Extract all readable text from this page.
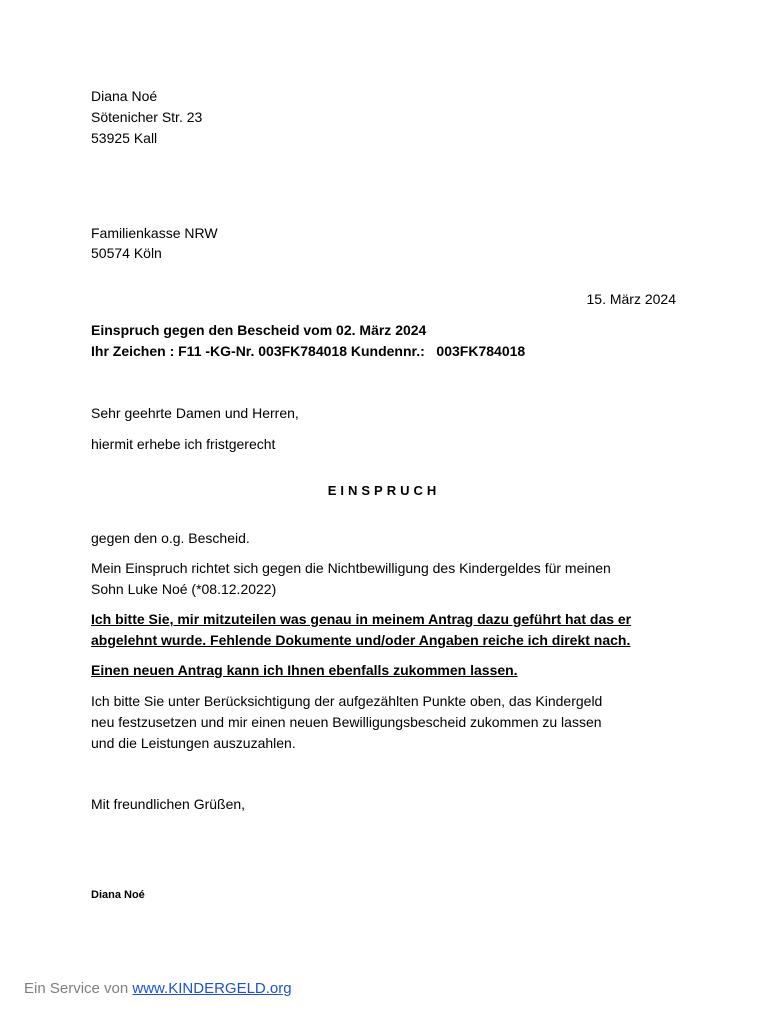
Diana Noé
Sötenicher Str. 23
53925 Kall
Familienkasse NRW
50574 Köln
15. März 2024
Einspruch gegen den Bescheid vom 02. März 2024
Ihr Zeichen : F11 -KG-Nr. 003FK784018 Kundennr.:   003FK784018
Sehr geehrte Damen und Herren,
hiermit erhebe ich fristgerecht
EINSPRUCH
gegen den o.g. Bescheid.
Mein Einspruch richtet sich gegen die Nichtbewilligung des Kindergeldes für meinen
Sohn Luke Noé (*08.12.2022)
Ich bitte Sie, mir mitzuteilen was genau in meinem Antrag dazu geführt hat das er
abgelehnt wurde. Fehlende Dokumente und/oder Angaben reiche ich direkt nach.
Einen neuen Antrag kann ich Ihnen ebenfalls zukommen lassen.
Ich bitte Sie unter Berücksichtigung der aufgezählten Punkte oben, das Kindergeld
neu festzusetzen und mir einen neuen Bewilligungsbescheid zukommen zu lassen
und die Leistungen auszuzahlen.
Mit freundlichen Grüßen,
Diana Noé
Ein Service von www.KINDERGELD.org
